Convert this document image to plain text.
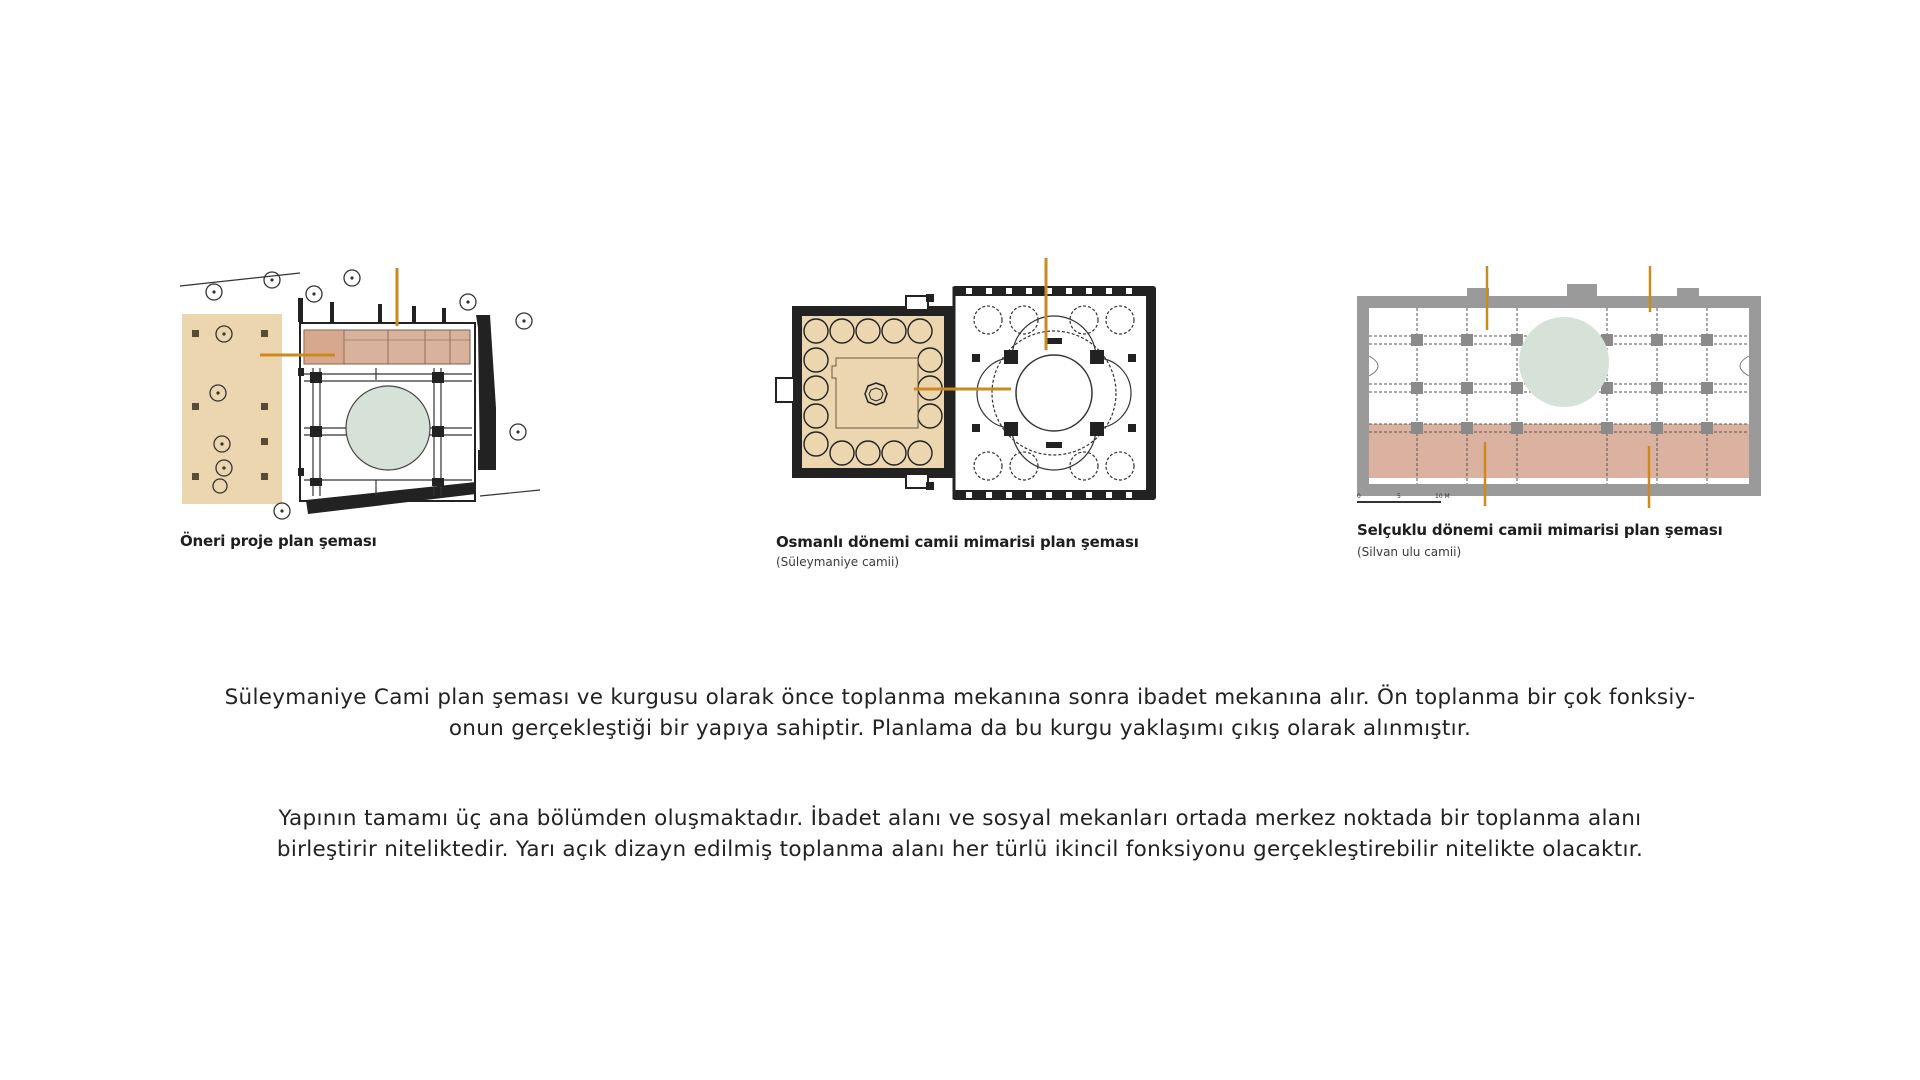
Öneri proje plan şeması	Osmanlı dönemi camii mimarisi plan şeması
(Süleymaniye camii)
0	5	10 M
Selçuklu dönemi camii mimarisi plan şeması
(Silvan ulu camii)
Süleymaniye Cami plan şeması ve kurgusu olarak önce toplanma mekanına sonra ibadet mekanına alır. Ön toplanma bir çok fonksiy-
onun gerçekleştiği bir yapıya sahiptir. Planlama da bu kurgu yaklaşımı çıkış olarak alınmıştır.
Yapının tamamı üç ana bölümden oluşmaktadır. İbadet alanı ve sosyal mekanları ortada merkez noktada bir toplanma alanı
birleştirir niteliktedir. Yarı açık dizayn edilmiş toplanma alanı her türlü ikincil fonksiyonu gerçekleştirebilir nitelikte olacaktır.
